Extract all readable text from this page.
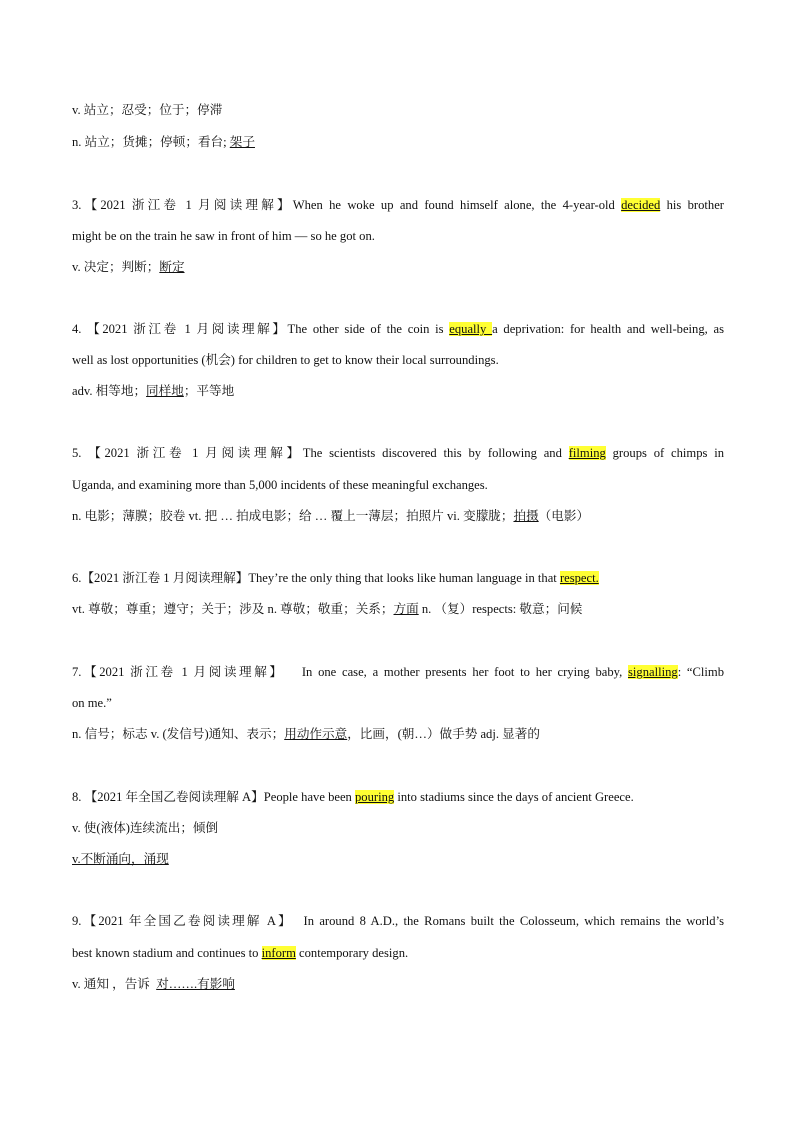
v. 站立；忍受；位于；停滞
n. 站立；货摊；停顿；看台; 架子
3.【2021 浙江卷 1 月阅读理解】When he woke up and found himself alone, the 4-year-old decided his brother
might be on the train he saw in front of him — so he got on.
v. 决定；判断；断定
4. 【2021 浙江卷 1 月阅读理解】The other side of the coin is equally a deprivation: for health and well-being, as
well as lost opportunities (机会) for children to get to know their local surroundings.
adv. 相等地；同样地；平等地
5. 【2021 浙江卷 1 月阅读理解】The scientists discovered this by following and filming groups of chimps in
Uganda, and examining more than 5,000 incidents of these meaningful exchanges.
n. 电影；薄膜；胶卷 vt. 把 … 拍成电影；给 … 覆上一薄层；拍照片 vi. 变朦胧；拍摄（电影）
6.【2021 浙江卷 1 月阅读理解】They’re the only thing that looks like human language in that respect.
vt. 尊敬；尊重；遵守；关于；涉及 n. 尊敬；敬重；关系；方面 n. （复）respects: 敬意；问候
7.【2021 浙江卷 1 月阅读理解】   In one case, a mother presents her foot to her crying baby, signalling: “Climb
on me.”
n. 信号；标志 v. (发信号)通知、表示；用动作示意，比画，(朝…）做手势 adj. 显著的
8. 【2021 年全国乙卷阅读理解 A】People have been pouring into stadiums since the days of ancient Greece.
v. 使(液体)连续流出；倾倒
v.不断涌向，涌现
9.【2021 年全国乙卷阅读理解 A】  In around 8 A.D., the Romans built the Colosseum, which remains the world’s
best known stadium and continues to inform contemporary design.
v. 通知 ，告诉  对…….有影响
